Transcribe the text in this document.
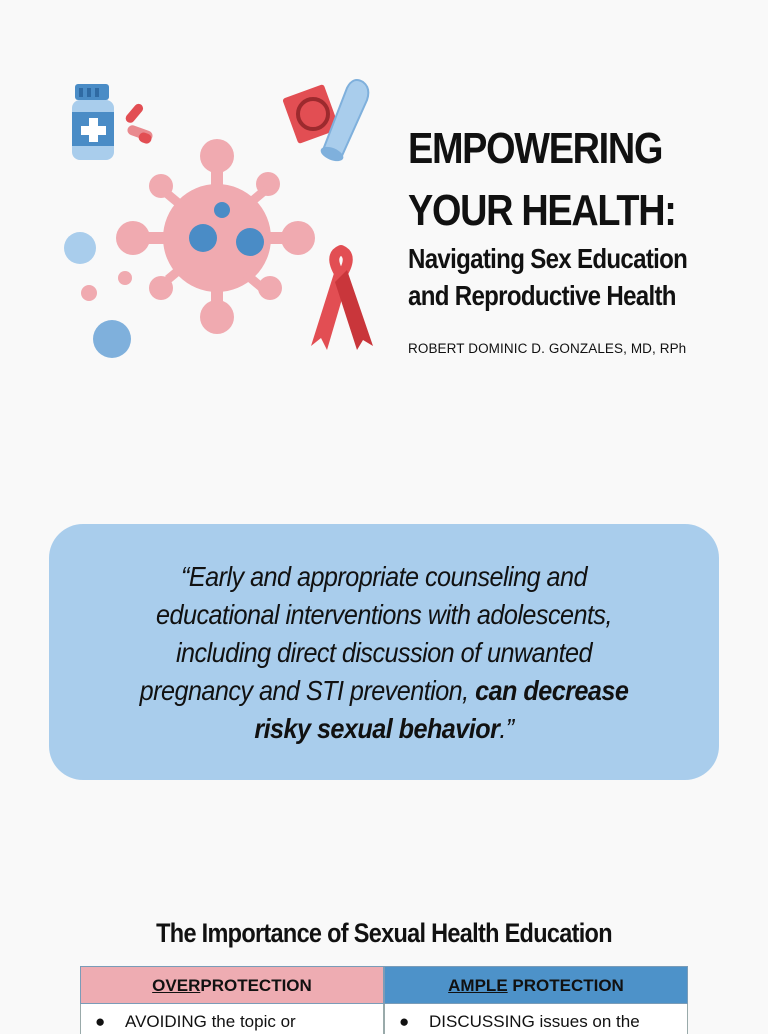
EMPOWERING
YOUR HEALTH:
Navigating Sex Education
and Reproductive Health
ROBERT DOMINIC D. GONZALES, MD, RPh
“Early and appropriate counseling and
educational interventions with adolescents,
including direct discussion of unwanted
pregnancy and STI prevention, can decrease
risky sexual behavior.”
The Importance of Sexual Health Education
OVERPROTECTION	AMPLE PROTECTION
● AVOIDING the topic or	● DISCUSSING issues on the
